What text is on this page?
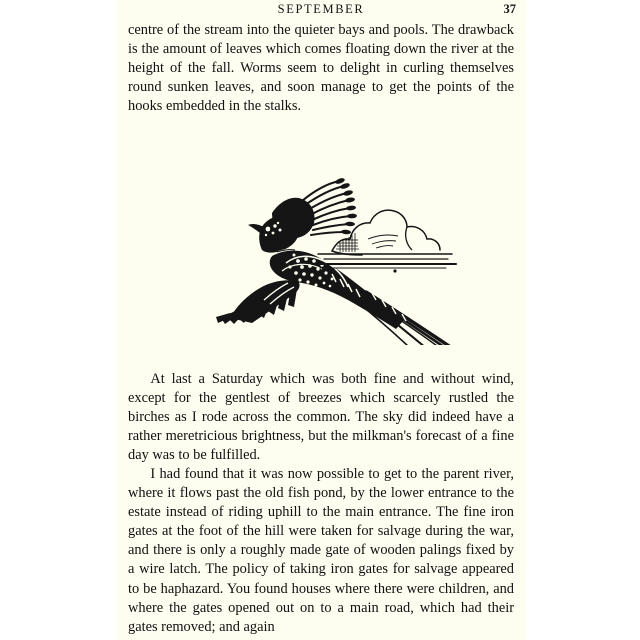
SEPTEMBER	37

centre of the stream into the quieter bays and pools. The drawback is the amount of leaves which comes floating down the river at the height of the fall. Worms seem to delight in curling themselves round sunken leaves, and soon manage to get the points of the hooks embedded in the stalks.

At last a Saturday which was both fine and without wind, except for the gentlest of breezes which scarcely rustled the birches as I rode across the common. The sky did indeed have a rather meretricious brightness, but the milkman's forecast of a fine day was to be fulfilled.

I had found that it was now possible to get to the parent river, where it flows past the old fish pond, by the lower entrance to the estate instead of riding uphill to the main entrance. The fine iron gates at the foot of the hill were taken for salvage during the war, and there is only a roughly made gate of wooden palings fixed by a wire latch. The policy of taking iron gates for salvage appeared to be haphazard. You found houses where there were children, and where the gates opened out on to a main road, which had their gates removed; and again
